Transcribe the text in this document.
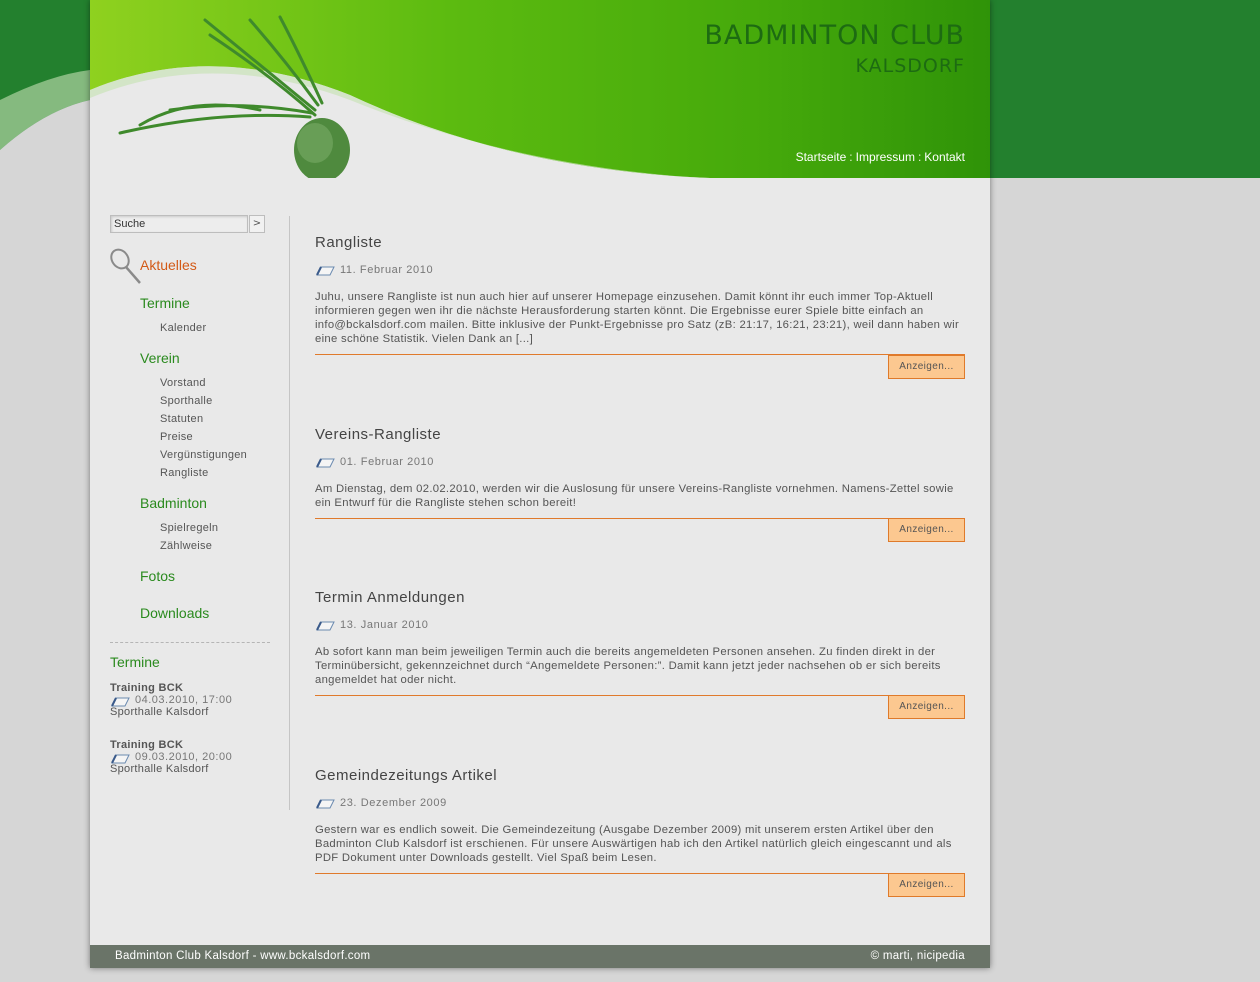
BADMINTON CLUB
KALSDORF
Startseite : Impressum : Kontakt
Suche
>
Aktuelles
Termine
Kalender
Verein
Vorstand
Sporthalle
Statuten
Preise
Vergünstigungen
Rangliste
Badminton
Spielregeln
Zählweise
Fotos
Downloads
Termine
Training BCK
04.03.2010, 17:00
Sporthalle Kalsdorf
Training BCK
09.03.2010, 20:00
Sporthalle Kalsdorf
Rangliste
11. Februar 2010
Juhu, unsere Rangliste ist nun auch hier auf unserer Homepage einzusehen. Damit könnt ihr euch immer Top-Aktuell informieren gegen wen ihr die nächste Herausforderung starten könnt. Die Ergebnisse eurer Spiele bitte einfach an info@bckalsdorf.com mailen. Bitte inklusive der Punkt-Ergebnisse pro Satz (zB: 21:17, 16:21, 23:21), weil dann haben wir eine schöne Statistik. Vielen Dank an [...]
Anzeigen...
Vereins-Rangliste
01. Februar 2010
Am Dienstag, dem 02.02.2010, werden wir die Auslosung für unsere Vereins-Rangliste vornehmen. Namens-Zettel sowie ein Entwurf für die Rangliste stehen schon bereit!
Anzeigen...
Termin Anmeldungen
13. Januar 2010
Ab sofort kann man beim jeweiligen Termin auch die bereits angemeldeten Personen ansehen. Zu finden direkt in der Terminübersicht, gekennzeichnet durch “Angemeldete Personen:”. Damit kann jetzt jeder nachsehen ob er sich bereits angemeldet hat oder nicht.
Anzeigen...
Gemeindezeitungs Artikel
23. Dezember 2009
Gestern war es endlich soweit. Die Gemeindezeitung (Ausgabe Dezember 2009) mit unserem ersten Artikel über den Badminton Club Kalsdorf ist erschienen. Für unsere Auswärtigen hab ich den Artikel natürlich gleich eingescannt und als PDF Dokument unter Downloads gestellt. Viel Spaß beim Lesen.
Anzeigen...
Badminton Club Kalsdorf - www.bckalsdorf.com	© marti, nicipedia
